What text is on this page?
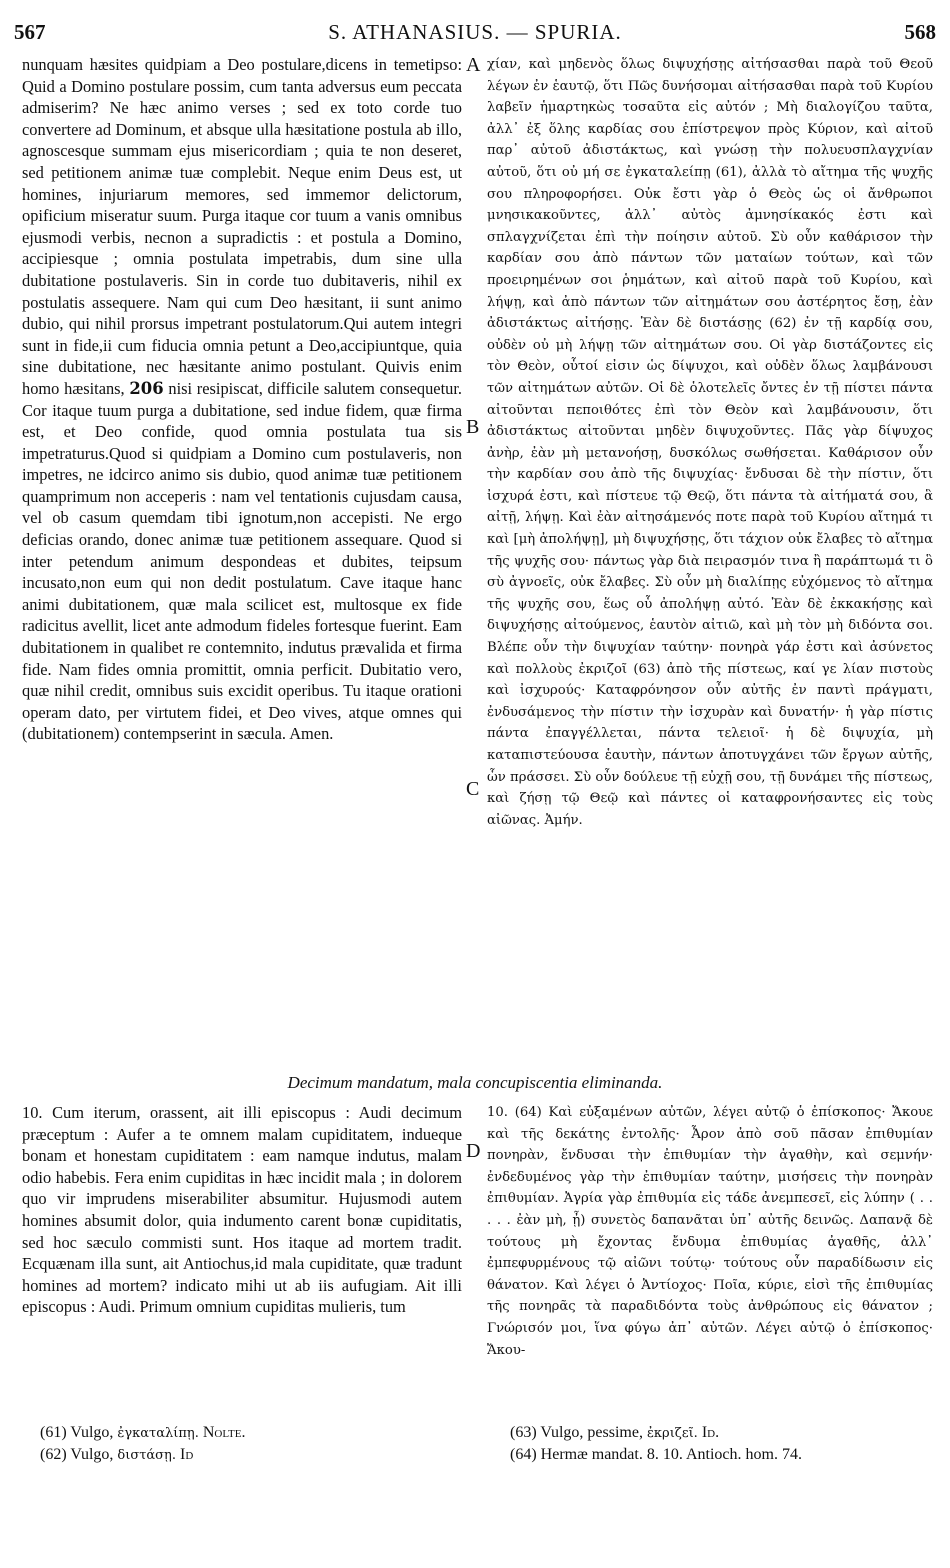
567	S. ATHANASIUS. — SPURIA.	568

nunquam hæsites quidpiam a Deo postulare,dicens in temetipso: Quid a Domino postulare possim, cum tanta adversus eum peccata admiserim? Ne hæc animo verses ; sed ex toto corde tuo convertere ad Dominum, et absque ulla hæsitatione postula ab illo, agnoscesque summam ejus misericordiam ; quia te non deseret, sed petitionem animæ tuæ complebit. Neque enim Deus est, ut homines, injuriarum memores, sed immemor delictorum, opificium miseratur suum. Purga itaque cor tuum a vanis omnibus ejusmodi verbis, necnon a supradictis : et postula a Domino, accipiesque ; omnia postulata impetrabis, dum sine ulla dubitatione postulaveris. Sin in corde tuo dubitaveris, nihil ex postulatis assequere. Nam qui cum Deo hæsitant, ii sunt animo dubio, qui nihil prorsus impetrant postulatorum.Qui autem integri sunt in fide,ii cum fiducia omnia petunt a Deo,accipiuntque, quia sine dubitatione, nec hæsitante animo postulant. Quivis enim homo hæsitans, 206 nisi resipiscat, difficile salutem consequetur. Cor itaque tuum purga a dubitatione, sed indue fidem, quæ firma est, et Deo confide, quod omnia postulata tua sis impetraturus.Quod si quidpiam a Domino cum postulaveris, non impetres, ne idcirco animo sis dubio, quod animæ tuæ petitionem quamprimum non acceperis : nam vel tentationis cujusdam causa, vel ob casum quemdam tibi ignotum,non accepisti. Ne ergo deficias orando, donec animæ tuæ petitionem assequare. Quod si inter petendum animum despondeas et dubites, teipsum incusato,non eum qui non dedit postulatum. Cave itaque hanc animi dubitationem, quæ mala scilicet est, multosque ex fide radicitus avellit, licet ante admodum fideles fortesque fuerint. Eam dubitationem in qualibet re contemnito, indutus prævalida et firma fide. Nam fides omnia promittit, omnia perficit. Dubitatio vero, quæ nihil credit, omnibus suis excidit operibus. Tu itaque orationi operam dato, per virtutem fidei, et Deo vives, atque omnes qui (dubitationem) contempserint in sæcula. Amen.

A
B
C
D

χίαν, καὶ μηδενὸς ὅλως διψυχήσῃς αἰτήσασθαι παρὰ τοῦ Θεοῦ λέγων ἐν ἑαυτῷ, ὅτι Πῶς δυνήσομαι αἰτήσασθαι παρὰ τοῦ Κυρίου λαβεῖν ἡμαρτηκὼς τοσαῦτα εἰς αὐτόν ; Μὴ διαλογίζου ταῦτα, ἀλλ᾽ ἐξ ὅλης καρδίας σου ἐπίστρεψον πρὸς Κύριον, καὶ αἰτοῦ παρ᾽ αὐτοῦ ἀδιστάκτως, καὶ γνώσῃ τὴν πολυευσπλαγχνίαν αὐτοῦ, ὅτι οὐ μή σε ἐγκαταλείπῃ (61), ἀλλὰ τὸ αἴτημα τῆς ψυχῆς σου πληροφορήσει. Οὐκ ἔστι γὰρ ὁ Θεὸς ὡς οἱ ἄνθρωποι μνησικακοῦντες, ἀλλ᾽ αὐτὸς ἀμνησίκακός ἐστι καὶ σπλαγχνίζεται ἐπὶ τὴν ποίησιν αὐτοῦ. Σὺ οὖν καθάρισον τὴν καρδίαν σου ἀπὸ πάντων τῶν ματαίων τούτων, καὶ τῶν προειρημένων σοι ῥημάτων, καὶ αἰτοῦ παρὰ τοῦ Κυρίου, καὶ λήψῃ, καὶ ἀπὸ πάντων τῶν αἰτημάτων σου ἀστέρητος ἔσῃ, ἐὰν ἀδιστάκτως αἰτήσῃς. Ἐὰν δὲ διστάσῃς (62) ἐν τῇ καρδίᾳ σου, οὐδὲν οὐ μὴ λήψῃ τῶν αἰτημάτων σου. Οἱ γὰρ διστάζοντες εἰς τὸν Θεὸν, οὗτοί εἰσιν ὡς δίψυχοι, καὶ οὐδὲν ὅλως λαμβάνουσι τῶν αἰτημάτων αὐτῶν. Οἱ δὲ ὁλοτελεῖς ὄντες ἐν τῇ πίστει πάντα αἰτοῦνται πεποιθότες ἐπὶ τὸν Θεὸν καὶ λαμβάνουσιν, ὅτι ἀδιστάκτως αἰτοῦνται μηδὲν διψυχοῦντες. Πᾶς γὰρ δίψυχος ἀνὴρ, ἐὰν μὴ μετανοήσῃ, δυσκόλως σωθήσεται. Καθάρισον οὖν τὴν καρδίαν σου ἀπὸ τῆς διψυχίας· ἔνδυσαι δὲ τὴν πίστιν, ὅτι ἰσχυρά ἐστι, καὶ πίστευε τῷ Θεῷ, ὅτι πάντα τὰ αἰτήματά σου, ἃ αἰτῇ, λήψῃ. Καὶ ἐὰν αἰτησάμενός ποτε παρὰ τοῦ Κυρίου αἴτημά τι καὶ [μὴ ἀπολήψῃ], μὴ διψυχήσῃς, ὅτι τάχιον οὐκ ἔλαβες τὸ αἴτημα τῆς ψυχῆς σου· πάντως γὰρ διὰ πειρασμόν τινα ἢ παράπτωμά τι ὃ σὺ ἀγνοεῖς, οὐκ ἔλαβες. Σὺ οὖν μὴ διαλίπῃς εὐχόμενος τὸ αἴτημα τῆς ψυχῆς σου, ἕως οὗ ἀπολήψῃ αὐτό. Ἐὰν δὲ ἐκκακήσῃς καὶ διψυχήσῃς αἰτούμενος, ἑαυτὸν αἰτιῶ, καὶ μὴ τὸν μὴ διδόντα σοι. Βλέπε οὖν τὴν διψυχίαν ταύτην· πονηρὰ γάρ ἐστι καὶ ἀσύνετος καὶ πολλοὺς ἐκριζοῖ (63) ἀπὸ τῆς πίστεως, καί γε λίαν πιστοὺς καὶ ἰσχυρούς· Καταφρόνησον οὖν αὐτῆς ἐν παντὶ πράγματι, ἐνδυσάμενος τὴν πίστιν τὴν ἰσχυρὰν καὶ δυνατήν· ἡ γὰρ πίστις πάντα ἐπαγγέλλεται, πάντα τελειοῖ· ἡ δὲ διψυχία, μὴ καταπιστεύουσα ἑαυτὴν, πάντων ἀποτυγχάνει τῶν ἔργων αὐτῆς, ὧν πράσσει. Σὺ οὖν δούλευε τῇ εὐχῇ σου, τῇ δυνάμει τῆς πίστεως, καὶ ζήσῃ τῷ Θεῷ καὶ πάντες οἱ καταφρονήσαντες εἰς τοὺς αἰῶνας. Ἀμήν.

Decimum mandatum, mala concupiscentia eliminanda.

10. Cum iterum, orassent, ait illi episcopus : Audi decimum præceptum : Aufer a te omnem malam cupiditatem, indueque bonam et honestam cupiditatem : eam namque indutus, malam odio habebis. Fera enim cupiditas in hæc incidit mala ; in dolorem quo vir imprudens miserabiliter absumitur. Hujusmodi autem homines absumit dolor, quia indumento carent bonæ cupiditatis, sed hoc sæculo commisti sunt. Hos itaque ad mortem tradit. Ecquænam illa sunt, ait Antiochus,id mala cupiditate, quæ tradunt homines ad mortem? indicato mihi ut ab iis aufugiam. Ait illi episcopus : Audi. Primum omnium cupiditas mulieris, tum

10. (64) Καὶ εὐξαμένων αὐτῶν, λέγει αὐτῷ ὁ ἐπίσκοπος· Ἄκουε καὶ τῆς δεκάτης ἐντολῆς· Ἆρον ἀπὸ σοῦ πᾶσαν ἐπιθυμίαν πονηρὰν, ἔνδυσαι τὴν ἐπιθυμίαν τὴν ἀγαθὴν, καὶ σεμνήν· ἐνδεδυμένος γὰρ τὴν ἐπιθυμίαν ταύτην, μισήσεις τὴν πονηρὰν ἐπιθυμίαν. Ἀγρία γὰρ ἐπιθυμία εἰς τάδε ἀνεμπεσεῖ, εἰς λύπην ( . . . . . ἐὰν μὴ, ᾖ) συνετὸς δαπανᾶται ὑπ᾽ αὐτῆς δεινῶς. Δαπανᾷ δὲ τούτους μὴ ἔχοντας ἔνδυμα ἐπιθυμίας ἀγαθῆς, ἀλλ᾽ ἐμπεφυρμένους τῷ αἰῶνι τούτῳ· τούτους οὖν παραδίδωσιν εἰς θάνατον. Καὶ λέγει ὁ Ἀντίοχος· Ποῖα, κύριε, εἰσὶ τῆς ἐπιθυμίας τῆς πονηρᾶς τὰ παραδιδόντα τοὺς ἀνθρώπους εἰς θάνατον ; Γνώρισόν μοι, ἵνα φύγω ἀπ᾽ αὐτῶν. Λέγει αὐτῷ ὁ ἐπίσκοπος· Ἄκου-

(61) Vulgo, ἐγκαταλίπῃ. Nolte.
(62) Vulgo, διστάσῃ. Id
(63) Vulgo, pessime, ἐκριζεῖ. Id.
(64) Hermæ mandat. 8. 10. Antioch. hom. 74.
